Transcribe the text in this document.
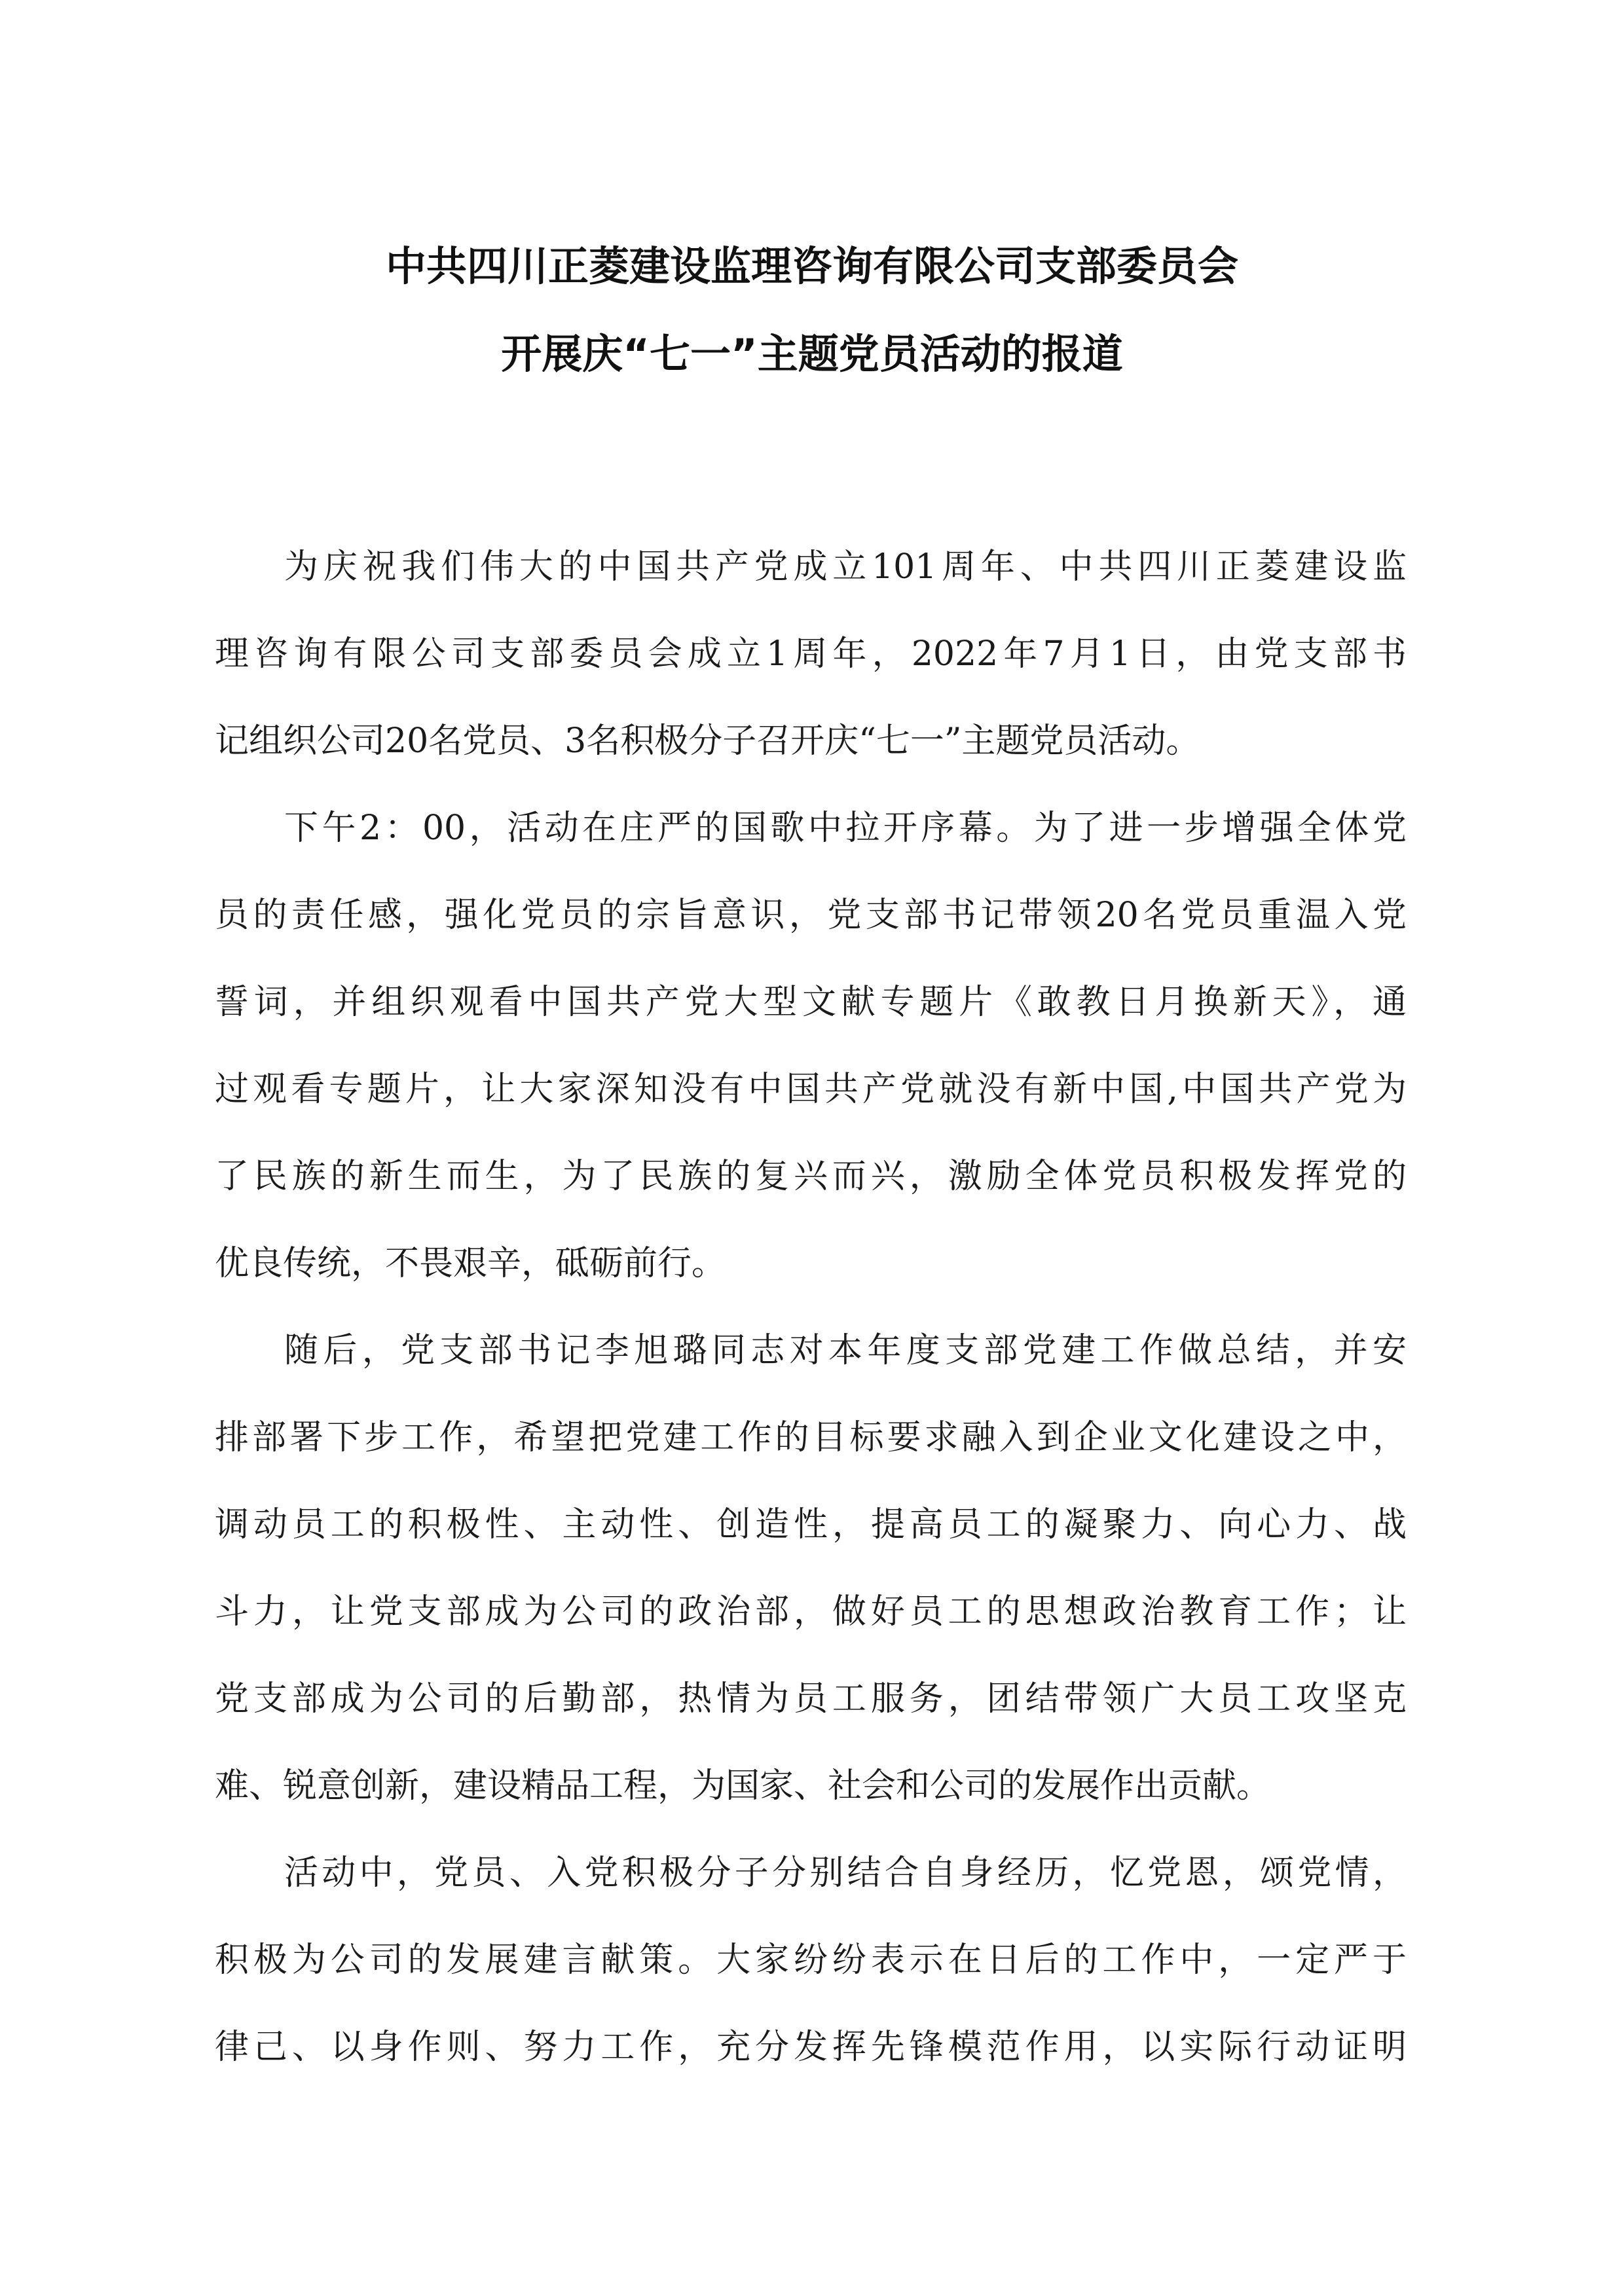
中共四川正菱建设监理咨询有限公司支部委员会
开展庆“七一”主题党员活动的报道
为庆祝我们伟大的中国共产党成立101周年、中共四川正菱建设监
理咨询有限公司支部委员会成立1周年，2022年7月1日，由党支部书
记组织公司20名党员、3名积极分子召开庆“七一”主题党员活动。
下午2：00，活动在庄严的国歌中拉开序幕。为了进一步增强全体党
员的责任感，强化党员的宗旨意识，党支部书记带领20名党员重温入党
誓词，并组织观看中国共产党大型文献专题片《敢教日月换新天》，通
过观看专题片，让大家深知没有中国共产党就没有新中国,中国共产党为
了民族的新生而生，为了民族的复兴而兴，激励全体党员积极发挥党的
优良传统，不畏艰辛，砥砺前行。
随后，党支部书记李旭璐同志对本年度支部党建工作做总结，并安
排部署下步工作，希望把党建工作的目标要求融入到企业文化建设之中，
调动员工的积极性、主动性、创造性，提高员工的凝聚力、向心力、战
斗力，让党支部成为公司的政治部，做好员工的思想政治教育工作；让
党支部成为公司的后勤部，热情为员工服务，团结带领广大员工攻坚克
难、锐意创新，建设精品工程，为国家、社会和公司的发展作出贡献。
活动中，党员、入党积极分子分别结合自身经历，忆党恩，颂党情，
积极为公司的发展建言献策。大家纷纷表示在日后的工作中，一定严于
律己、以身作则、努力工作，充分发挥先锋模范作用，以实际行动证明
